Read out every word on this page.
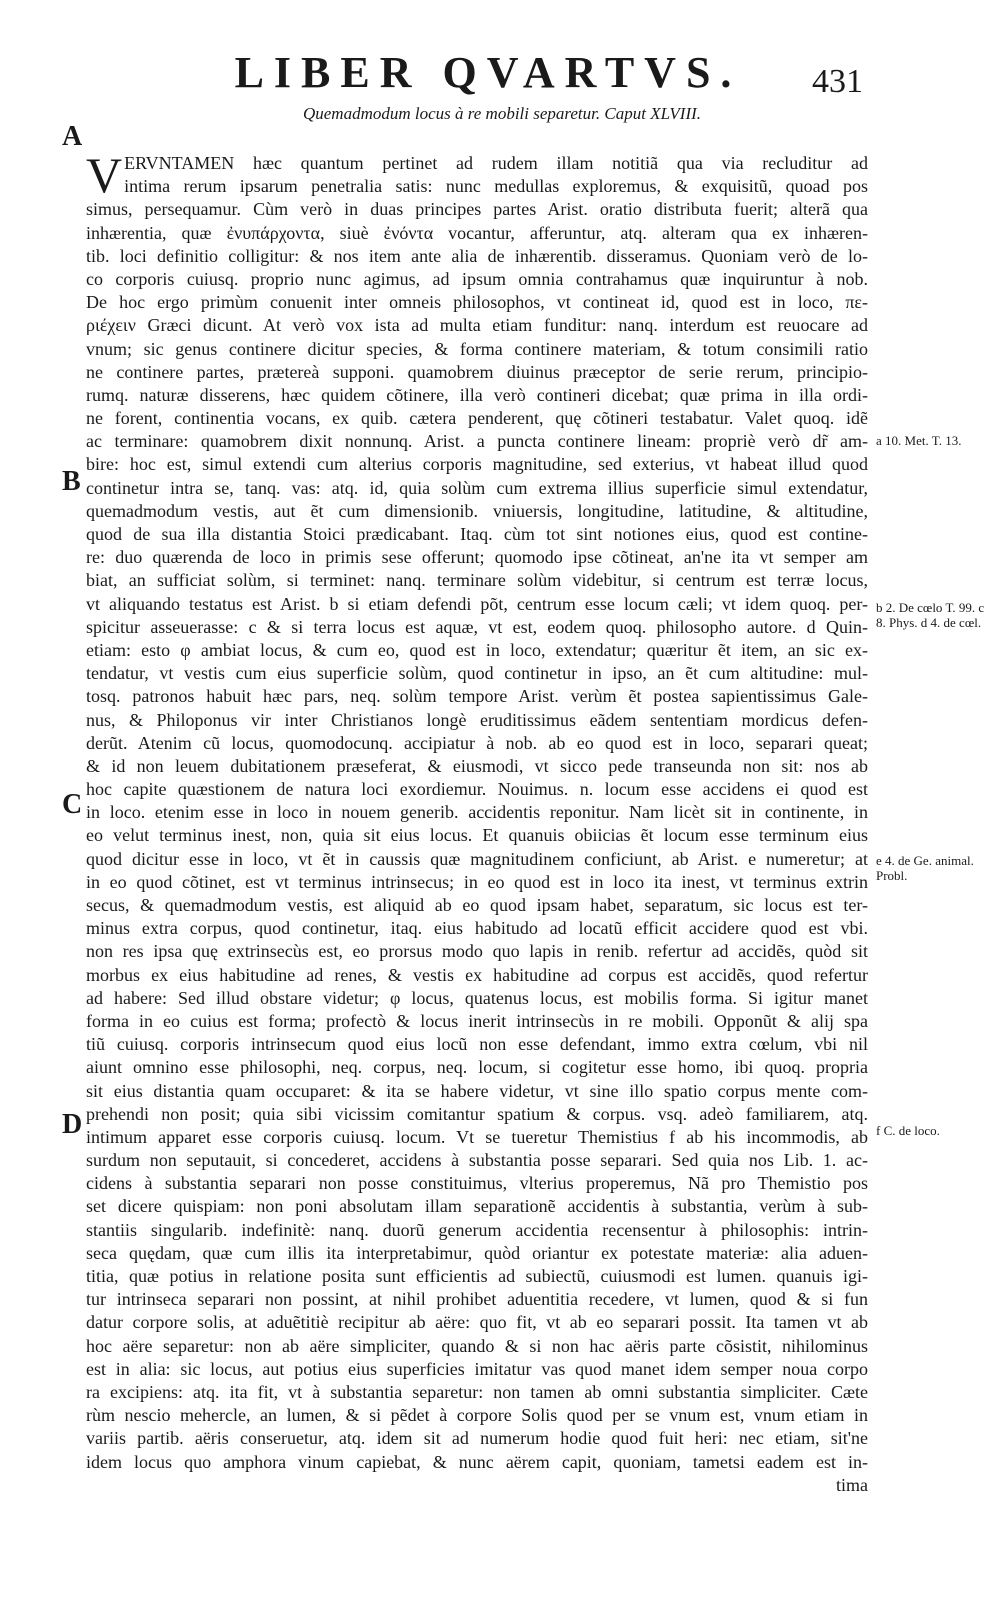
LIBER QVARTVS. 431
Quemadmodum locus à re mobili separetur. Caput XLVIII.
A
B
C
D
VERVNTAMEN hæc quantum pertinet ad rudem illam notitiã qua via recluditur ad
intima rerum ipsarum penetralia satis: nunc medullas exploremus, & exquisitũ, quoad pos
simus, persequamur. Cùm verò in duas principes partes Arist. oratio distributa fuerit; alterã qua
inhærentia, quæ ἐνυπάρχοντα, siuè ἐνόντα vocantur, afferuntur, atq. alteram qua ex inhæren-
tib. loci definitio colligitur: & nos item ante alia de inhærentib. disseramus. Quoniam verò de lo-
co corporis cuiusq. proprio nunc agimus, ad ipsum omnia contrahamus quæ inquiruntur à nob.
De hoc ergo primùm conuenit inter omneis philosophos, vt contineat id, quod est in loco, πε-
ριέχειν Græci dicunt. At verò vox ista ad multa etiam funditur: nanq. interdum est reuocare ad
vnum; sic genus continere dicitur species, & forma continere materiam, & totum consimili ratio
ne continere partes, prætereà supponi. quamobrem diuinus præceptor de serie rerum, principio-
rumq. naturæ disserens, hæc quidem cõtinere, illa verò contineri dicebat; quæ prima in illa ordi-
ne forent, continentia vocans, ex quib. cætera penderent, quę cõtineri testabatur. Valet quoq. idẽ
ac terminare: quamobrem dixit nonnunq. Arist. a puncta continere lineam: propriè verò dr̃ am-
bire: hoc est, simul extendi cum alterius corporis magnitudine, sed exterius, vt habeat illud quod
continetur intra se, tanq. vas: atq. id, quia solùm cum extrema illius superficie simul extendatur,
quemadmodum vestis, aut ẽt cum dimensionib. vniuersis, longitudine, latitudine, & altitudine,
quod de sua illa distantia Stoici prædicabant. Itaq. cùm tot sint notiones eius, quod est contine-
re: duo quærenda de loco in primis sese offerunt; quomodo ipse cõtineat, an'ne ita vt semper am
biat, an sufficiat solùm, si terminet: nanq. terminare solùm videbitur, si centrum est terræ locus,
vt aliquando testatus est Arist. b si etiam defendi põt, centrum esse locum cæli; vt idem quoq. per-
spicitur asseuerasse: c & si terra locus est aquæ, vt est, eodem quoq. philosopho autore. d Quin-
etiam: esto φ ambiat locus, & cum eo, quod est in loco, extendatur; quæritur ẽt item, an sic ex-
tendatur, vt vestis cum eius superficie solùm, quod continetur in ipso, an ẽt cum altitudine: mul-
tosq. patronos habuit hæc pars, neq. solùm tempore Arist. verùm ẽt postea sapientissimus Gale-
nus, & Philoponus vir inter Christianos longè eruditissimus eãdem sententiam mordicus defen-
derũt. Atenim cũ locus, quomodocunq. accipiatur à nob. ab eo quod est in loco, separari queat;
& id non leuem dubitationem præseferat, & eiusmodi, vt sicco pede transeunda non sit: nos ab
hoc capite quæstionem de natura loci exordiemur. Nouimus. n. locum esse accidens ei quod est
in loco. etenim esse in loco in nouem generib. accidentis reponitur. Nam licèt sit in continente, in
eo velut terminus inest, non, quia sit eius locus. Et quanuis obiicias ẽt locum esse terminum eius
quod dicitur esse in loco, vt ẽt in caussis quæ magnitudinem conficiunt, ab Arist. e numeretur; at
in eo quod cõtinet, est vt terminus intrinsecus; in eo quod est in loco ita inest, vt terminus extrin
secus, & quemadmodum vestis, est aliquid ab eo quod ipsam habet, separatum, sic locus est ter-
minus extra corpus, quod continetur, itaq. eius habitudo ad locatũ efficit accidere quod est vbi.
non res ipsa quę extrinsecùs est, eo prorsus modo quo lapis in renib. refertur ad accidẽs, quòd sit
morbus ex eius habitudine ad renes, & vestis ex habitudine ad corpus est accidẽs, quod refertur
ad habere: Sed illud obstare videtur; φ locus, quatenus locus, est mobilis forma. Si igitur manet
forma in eo cuius est forma; profectò & locus inerit intrinsecùs in re mobili. Opponũt & alij spa
tiũ cuiusq. corporis intrinsecum quod eius locũ non esse defendant, immo extra cœlum, vbi nil
aiunt omnino esse philosophi, neq. corpus, neq. locum, si cogitetur esse homo, ibi quoq. propria
sit eius distantia quam occuparet: & ita se habere videtur, vt sine illo spatio corpus mente com-
prehendi non posit; quia sibi vicissim comitantur spatium & corpus. vsq. adeò familiarem, atq.
intimum apparet esse corporis cuiusq. locum. Vt se tueretur Themistius f ab his incommodis, ab
surdum non seputauit, si concederet, accidens à substantia posse separari. Sed quia nos Lib. 1. ac-
cidens à substantia separari non posse constituimus, vlterius properemus, Nã pro Themistio pos
set dicere quispiam: non poni absolutam illam separationẽ accidentis à substantia, verùm à sub-
stantiis singularib. indefinitè: nanq. duorũ generum accidentia recensentur à philosophis: intrin-
seca quędam, quæ cum illis ita interpretabimur, quòd oriantur ex potestate materiæ: alia aduen-
titia, quæ potius in relatione posita sunt efficientis ad subiectũ, cuiusmodi est lumen. quanuis igi-
tur intrinseca separari non possint, at nihil prohibet aduentitia recedere, vt lumen, quod & si fun
datur corpore solis, at aduẽtitiè recipitur ab aëre: quo fit, vt ab eo separari possit. Ita tamen vt ab
hoc aëre separetur: non ab aëre simpliciter, quando & si non hac aëris parte cõsistit, nihilominus
est in alia: sic locus, aut potius eius superficies imitatur vas quod manet idem semper noua corpo
ra excipiens: atq. ita fit, vt à substantia separetur: non tamen ab omni substantia simpliciter. Cæte
rùm nescio mehercle, an lumen, & si pẽdet à corpore Solis quod per se vnum est, vnum etiam in
variis partib. aëris conseruetur, atq. idem sit ad numerum hodie quod fuit heri: nec etiam, sit'ne
idem locus quo amphora vinum capiebat, & nunc aërem capit, quoniam, tametsi eadem est in-
tima
a 10. Met. T. 13.
b 2. De cœlo T. 99. c 8. Phys. d 4. de cœl.
e 4. de Ge. animal. Probl.
f C. de loco.
